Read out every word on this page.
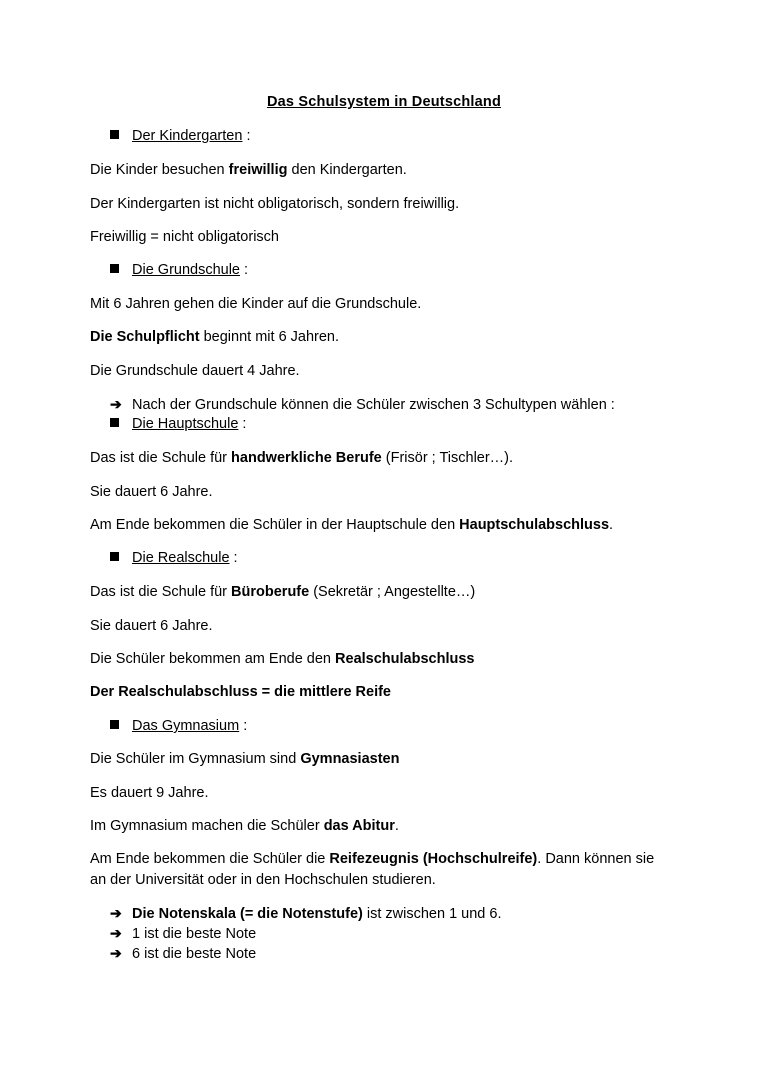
Das Schulsystem in Deutschland
Der Kindergarten :
Die Kinder besuchen freiwillig den Kindergarten.
Der Kindergarten ist nicht obligatorisch, sondern freiwillig.
Freiwillig = nicht obligatorisch
Die Grundschule :
Mit 6 Jahren gehen die Kinder auf die Grundschule.
Die Schulpflicht beginnt mit 6 Jahren.
Die Grundschule dauert 4 Jahre.
➔ Nach der Grundschule können die Schüler zwischen 3 Schultypen wählen :
Die Hauptschule :
Das ist die Schule für handwerkliche Berufe (Frisör ; Tischler…).
Sie dauert 6 Jahre.
Am Ende bekommen die Schüler in der Hauptschule den Hauptschulabschluss.
Die Realschule :
Das ist die Schule für Büroberufe (Sekretär ; Angestellte…)
Sie dauert 6 Jahre.
Die Schüler bekommen am Ende den Realschulabschluss
Der Realschulabschluss = die mittlere Reife
Das Gymnasium :
Die Schüler im Gymnasium sind Gymnasiasten
Es dauert 9 Jahre.
Im Gymnasium machen die Schüler das Abitur.
Am Ende bekommen die Schüler die Reifezeugnis (Hochschulreife). Dann können sie
an der Universität oder in den Hochschulen studieren.
➔ Die Notenskala (= die Notenstufe) ist zwischen 1 und 6.
➔ 1 ist die beste Note
➔ 6 ist die beste Note
